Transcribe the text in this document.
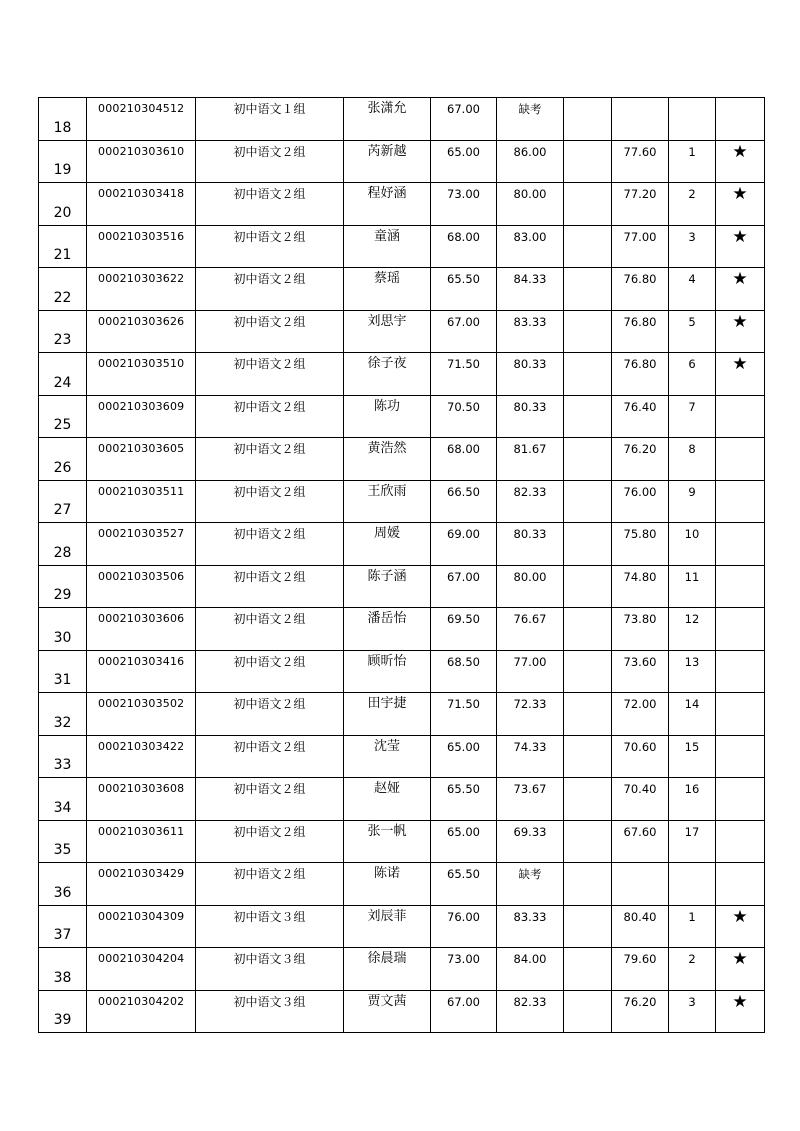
18	000210304512	初中语文１组	张潇允	67.00	缺考				

19	000210303610	初中语文２组	芮新越	65.00	86.00		77.60	1	★

20	000210303418	初中语文２组	程妤涵	73.00	80.00		77.20	2	★

21	000210303516	初中语文２组	童涵	68.00	83.00		77.00	3	★

22	000210303622	初中语文２组	蔡瑶	65.50	84.33		76.80	4	★

23	000210303626	初中语文２组	刘思宇	67.00	83.33		76.80	5	★

24	000210303510	初中语文２组	徐子夜	71.50	80.33		76.80	6	★

25	000210303609	初中语文２组	陈功	70.50	80.33		76.40	7	

26	000210303605	初中语文２组	黄浩然	68.00	81.67		76.20	8	

27	000210303511	初中语文２组	王欣雨	66.50	82.33		76.00	9	

28	000210303527	初中语文２组	周媛	69.00	80.33		75.80	10	

29	000210303506	初中语文２组	陈子涵	67.00	80.00		74.80	11	

30	000210303606	初中语文２组	潘岳怡	69.50	76.67		73.80	12	

31	000210303416	初中语文２组	顾昕怡	68.50	77.00		73.60	13	

32	000210303502	初中语文２组	田宇捷	71.50	72.33		72.00	14	

33	000210303422	初中语文２组	沈莹	65.00	74.33		70.60	15	

34	000210303608	初中语文２组	赵娅	65.50	73.67		70.40	16	

35	000210303611	初中语文２组	张一帆	65.00	69.33		67.60	17	

36	000210303429	初中语文２组	陈诺	65.50	缺考				

37	000210304309	初中语文３组	刘辰菲	76.00	83.33		80.40	1	★

38	000210304204	初中语文３组	徐晨瑞	73.00	84.00		79.60	2	★

39	000210304202	初中语文３组	贾文茜	67.00	82.33		76.20	3	★
